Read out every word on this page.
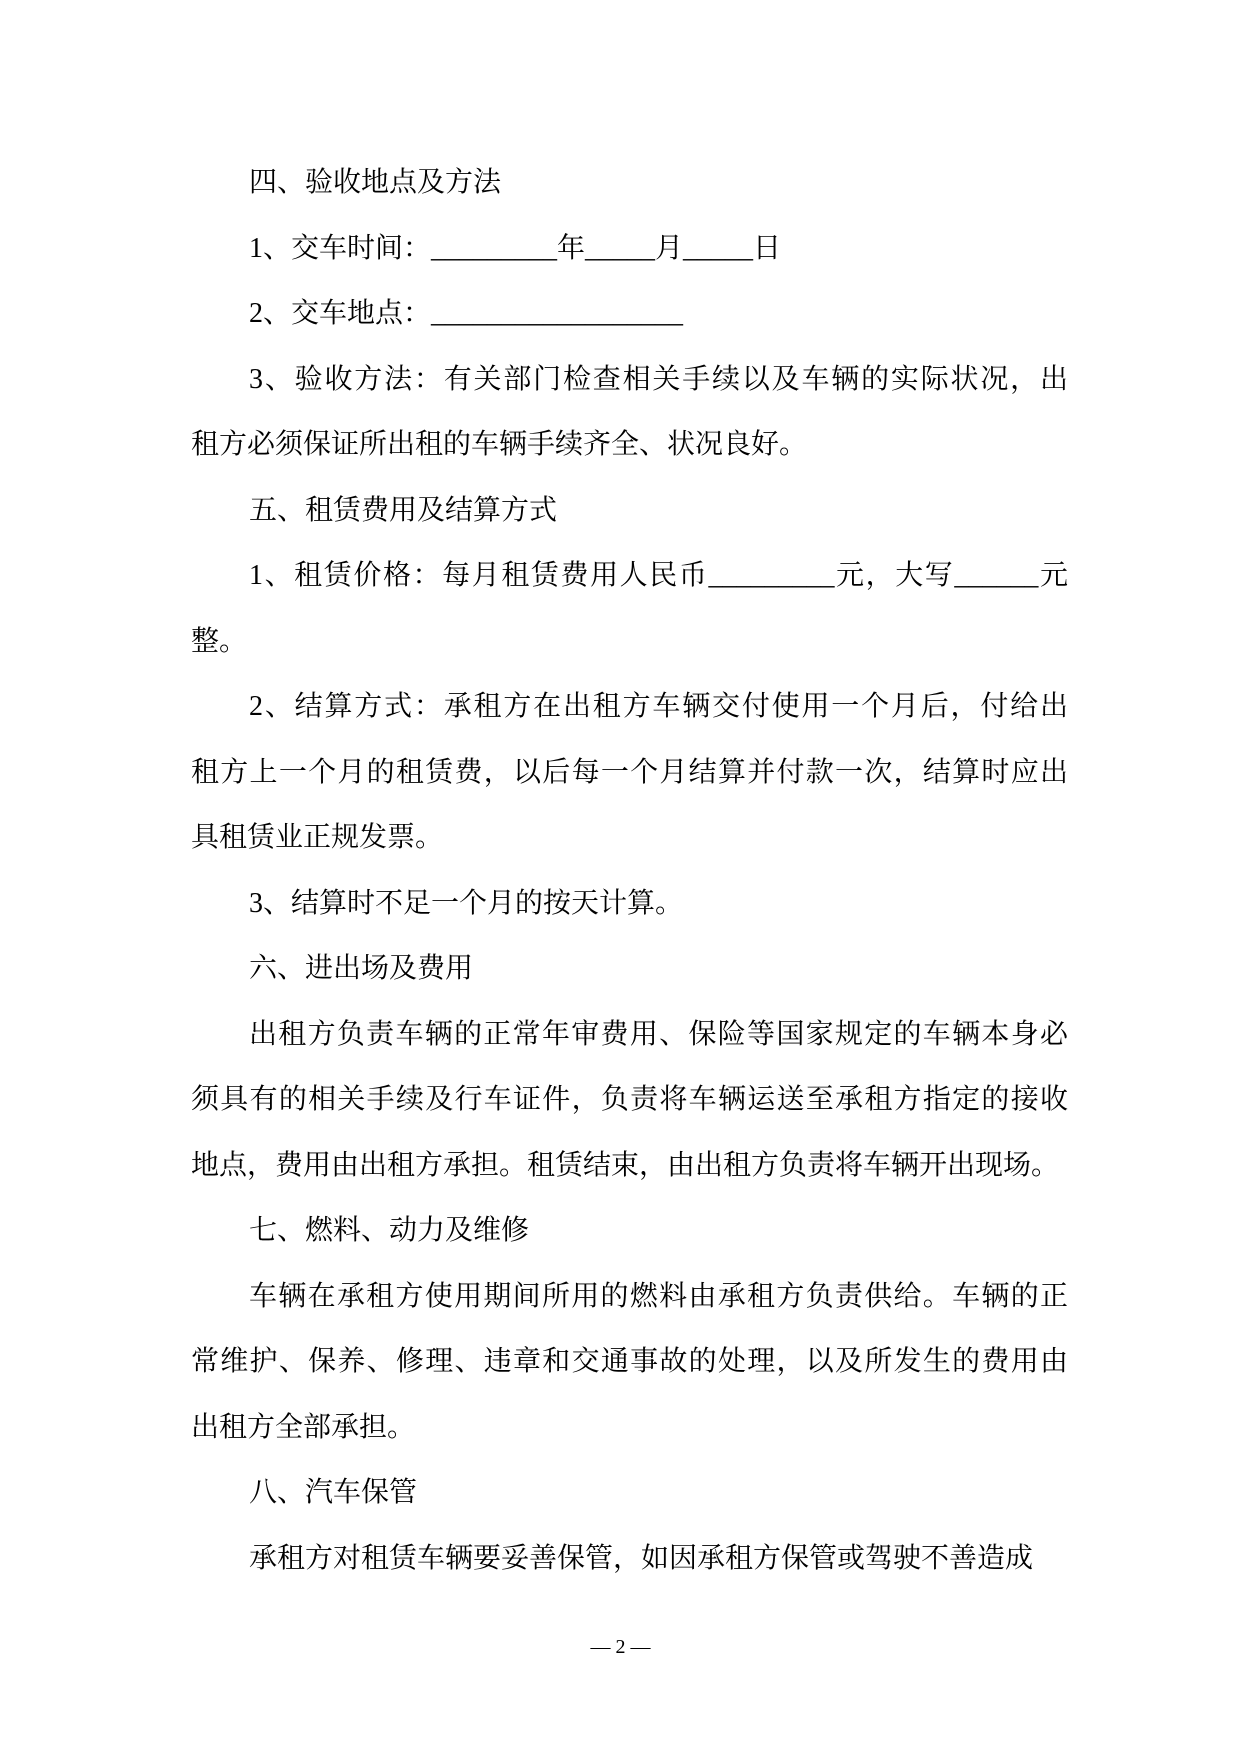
四、验收地点及方法
1、交车时间：_________年_____月_____日
2、交车地点：__________________
3、验收方法：有关部门检查相关手续以及车辆的实际状况，出
租方必须保证所出租的车辆手续齐全、状况良好。
五、租赁费用及结算方式
1、租赁价格：每月租赁费用人民币_________元，大写______元
整。
2、结算方式：承租方在出租方车辆交付使用一个月后，付给出
租方上一个月的租赁费，以后每一个月结算并付款一次，结算时应出
具租赁业正规发票。
3、结算时不足一个月的按天计算。
六、进出场及费用
出租方负责车辆的正常年审费用、保险等国家规定的车辆本身必
须具有的相关手续及行车证件，负责将车辆运送至承租方指定的接收
地点，费用由出租方承担。租赁结束，由出租方负责将车辆开出现场。
七、燃料、动力及维修
车辆在承租方使用期间所用的燃料由承租方负责供给。车辆的正
常维护、保养、修理、违章和交通事故的处理，以及所发生的费用由
出租方全部承担。
八、汽车保管
承租方对租赁车辆要妥善保管，如因承租方保管或驾驶不善造成
— 2 —
